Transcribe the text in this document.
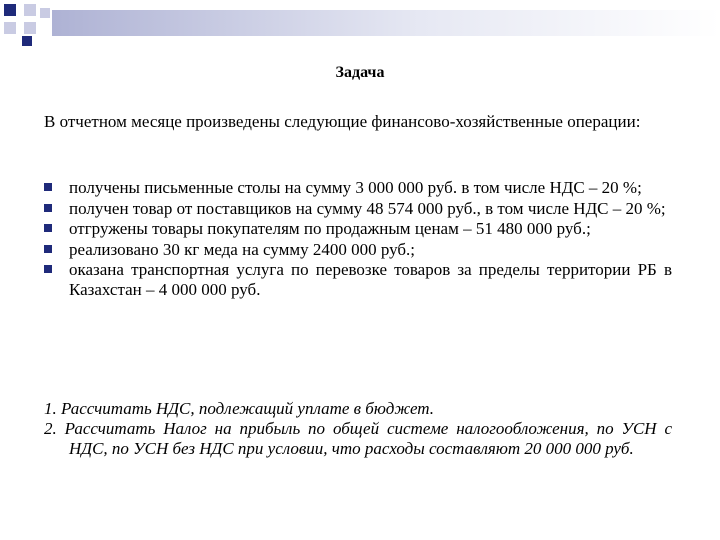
Задача
В отчетном месяце произведены следующие финансово-хозяйственные операции:
получены письменные столы на сумму 3 000 000 руб. в том числе НДС – 20 %;
получен товар от поставщиков на сумму 48 574 000 руб., в том числе НДС – 20 %;
отгружены товары покупателям по продажным ценам – 51 480 000 руб.;
реализовано 30 кг меда на сумму 2400 000 руб.;
оказана транспортная услуга по перевозке товаров за пределы территории РБ в Казахстан – 4 000 000 руб.
1. Рассчитать НДС, подлежащий уплате в бюджет.
2. Рассчитать Налог на прибыль по общей системе налогообложения, по УСН с НДС, по УСН без НДС при условии, что расходы составляют 20 000 000 руб.
